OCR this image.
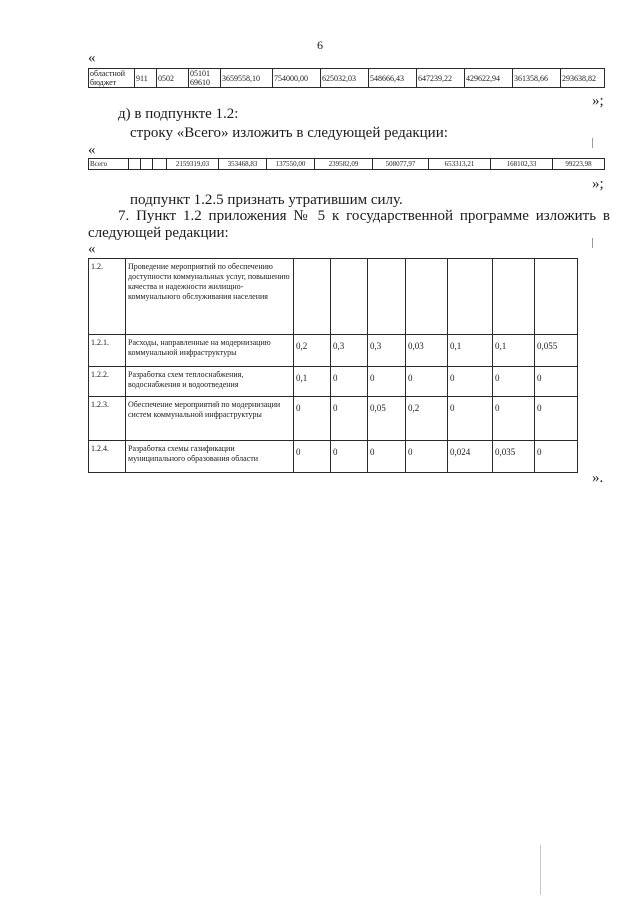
6
«
областной бюджет	911	0502	05101 69610	3659558,10	754000,00	625032,03	548666,43	647239,22	429622,94	361358,66	293638,82
»;
д) в подпункте 1.2:
строку «Всего» изложить в следующей редакции:
«
Всего				2159319,03	353468,83	137550,00	239582,09	508077,97	653313,21	168102,33	99223,98
»;
подпункт 1.2.5 признать утратившим силу.
7. Пункт 1.2 приложения № 5 к государственной программе изложить в следующей редакции:
«
1.2.	Проведение мероприятий по обеспечению доступности коммунальных услуг, повышению качества и надежности жилищно-коммунального обслуживания населения							
1.2.1.	Расходы, направленные на модернизацию коммунальной инфраструктуры	0,2	0,3	0,3	0,03	0,1	0,1	0,055
1.2.2.	Разработка схем теплоснабжения, водоснабжения и водоотведения	0,1	0	0	0	0	0	0
1.2.3.	Обеспечение мероприятий по модернизации систем коммунальной инфраструктуры	0	0	0,05	0,2	0	0	0
1.2.4.	Разработка схемы газификации муниципального образования области	0	0	0	0	0,024	0,035	0
».
